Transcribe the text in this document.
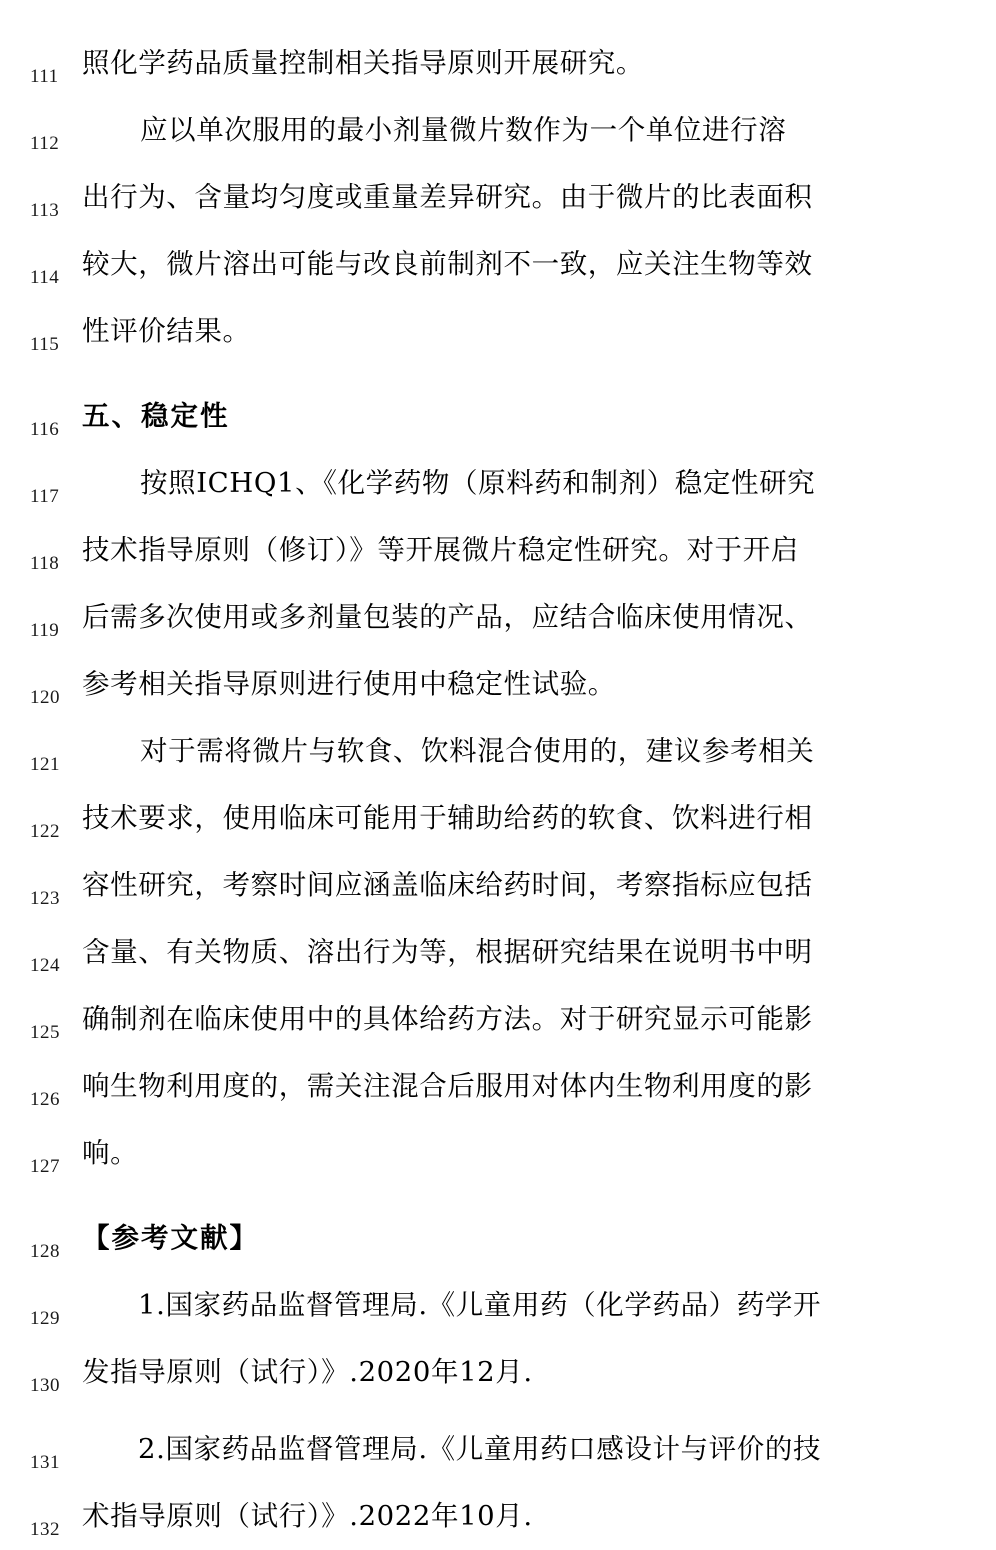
111 照化学药品质量控制相关指导原则开展研究。
112	应以单次服用的最小剂量微片数作为一个单位进行溶
113 出行为、含量均匀度或重量差异研究。由于微片的比表面积
114 较大，微片溶出可能与改良前制剂不一致，应关注生物等效
115 性评价结果。
116 五、稳定性
117	按照ICHQ1、《化学药物（原料药和制剂）稳定性研究
118 技术指导原则（修订）》等开展微片稳定性研究。对于开启
119 后需多次使用或多剂量包装的产品，应结合临床使用情况、
120 参考相关指导原则进行使用中稳定性试验。
121	对于需将微片与软食、饮料混合使用的，建议参考相关
122 技术要求，使用临床可能用于辅助给药的软食、饮料进行相
123 容性研究，考察时间应涵盖临床给药时间，考察指标应包括
124 含量、有关物质、溶出行为等，根据研究结果在说明书中明
125 确制剂在临床使用中的具体给药方法。对于研究显示可能影
126 响生物利用度的，需关注混合后服用对体内生物利用度的影
127 响。
128 【参考文献】
129	1.国家药品监督管理局.《儿童用药（化学药品）药学开
130 发指导原则（试行）》.2020年12月.
131	2.国家药品监督管理局.《儿童用药口感设计与评价的技
132 术指导原则（试行）》.2022年10月.
